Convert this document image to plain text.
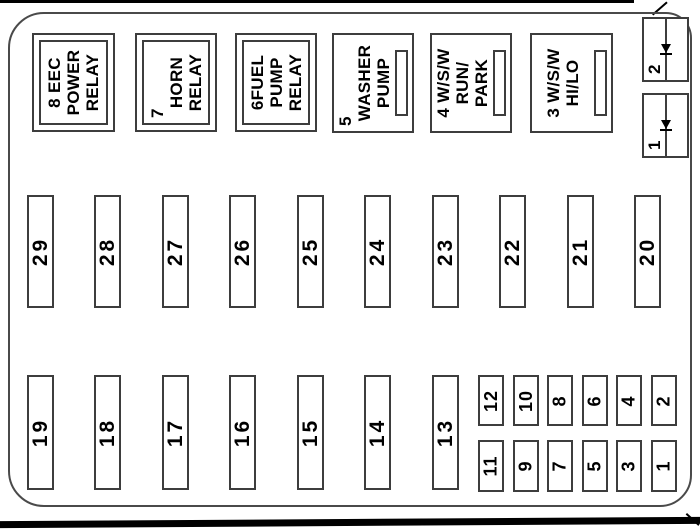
8 EEC POWER RELAY
7
HORN RELAY	6FUEL PUMP RELAY
5 WASHER PUMP 4 W/S/W RUN/ PARK	3 W/S/W HI/LO	2
1
29 28 27 26 25 24 23 22 21 20
19 18 17 16 15 14 13
12 10 8 6 4 2
11 9 7 5 3 1
